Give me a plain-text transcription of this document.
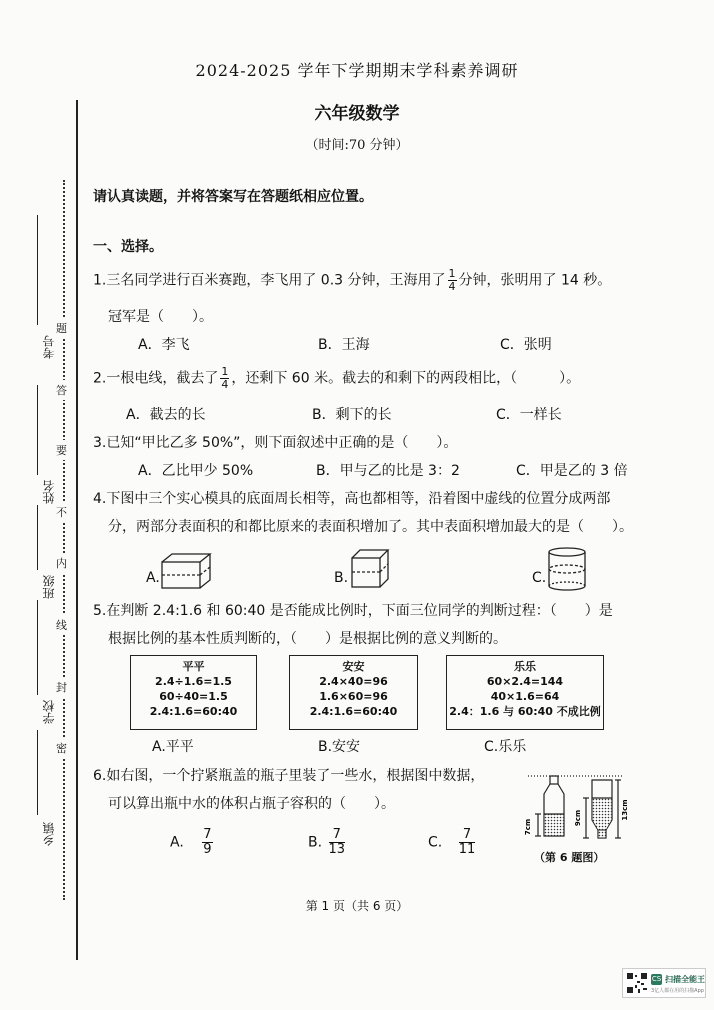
考号
姓名
班级
学校
乡镇
题
答
要
不
内
线
封
密
2024-2025 学年下学期期末学科素养调研
六年级数学
（时间:70 分钟）
请认真读题，并将答案写在答题纸相应位置。
一、选择。
1.三名同学进行百米赛跑，李飞用了 0.3 分钟，王海用了 $\frac{1}{4}$ 分钟，张明用了 14 秒。
冠军是（　　）。
A．李飞	B．王海	C．张明
2.一根电线，截去了 $\frac{1}{4}$ ，还剩下 60 米。截去的和剩下的两段相比，（　　　）。
A．截去的长	B．剩下的长	C．一样长
3.已知“甲比乙多 50%”，则下面叙述中正确的是（　　）。
A．乙比甲少 50%	B．甲与乙的比是 3：2	C．甲是乙的 3 倍
4.下图中三个实心模具的底面周长相等，高也都相等，沿着图中虚线的位置分成两部
分，两部分表面积的和都比原来的表面积增加了。其中表面积增加最大的是（　　）。
A.	B.	C.
5.在判断 2.4:1.6 和 60:40 是否能成比例时，下面三位同学的判断过程：（　　）是
根据比例的基本性质判断的，（　　）是根据比例的意义判断的。
平平
2.4÷1.6=1.5
60÷40=1.5
2.4:1.6=60:40
安安
2.4×40=96
1.6×60=96
2.4:1.6=60:40
乐乐
60×2.4=144
40×1.6=64
2.4：1.6 与 60:40 不成比例
A.平平	B.安安	C.乐乐
6.如右图，一个拧紧瓶盖的瓶子里装了一些水，根据图中数据，
可以算出瓶中水的体积占瓶子容积的（　　）。
A. $\frac{7}{9}$	B. $\frac{7}{13}$	C. $\frac{7}{11}$
7cm
9cm	13cm
（第 6 题图）
第 1 页（共 6 页）
CS 扫描全能王
3亿人都在用的扫描App
